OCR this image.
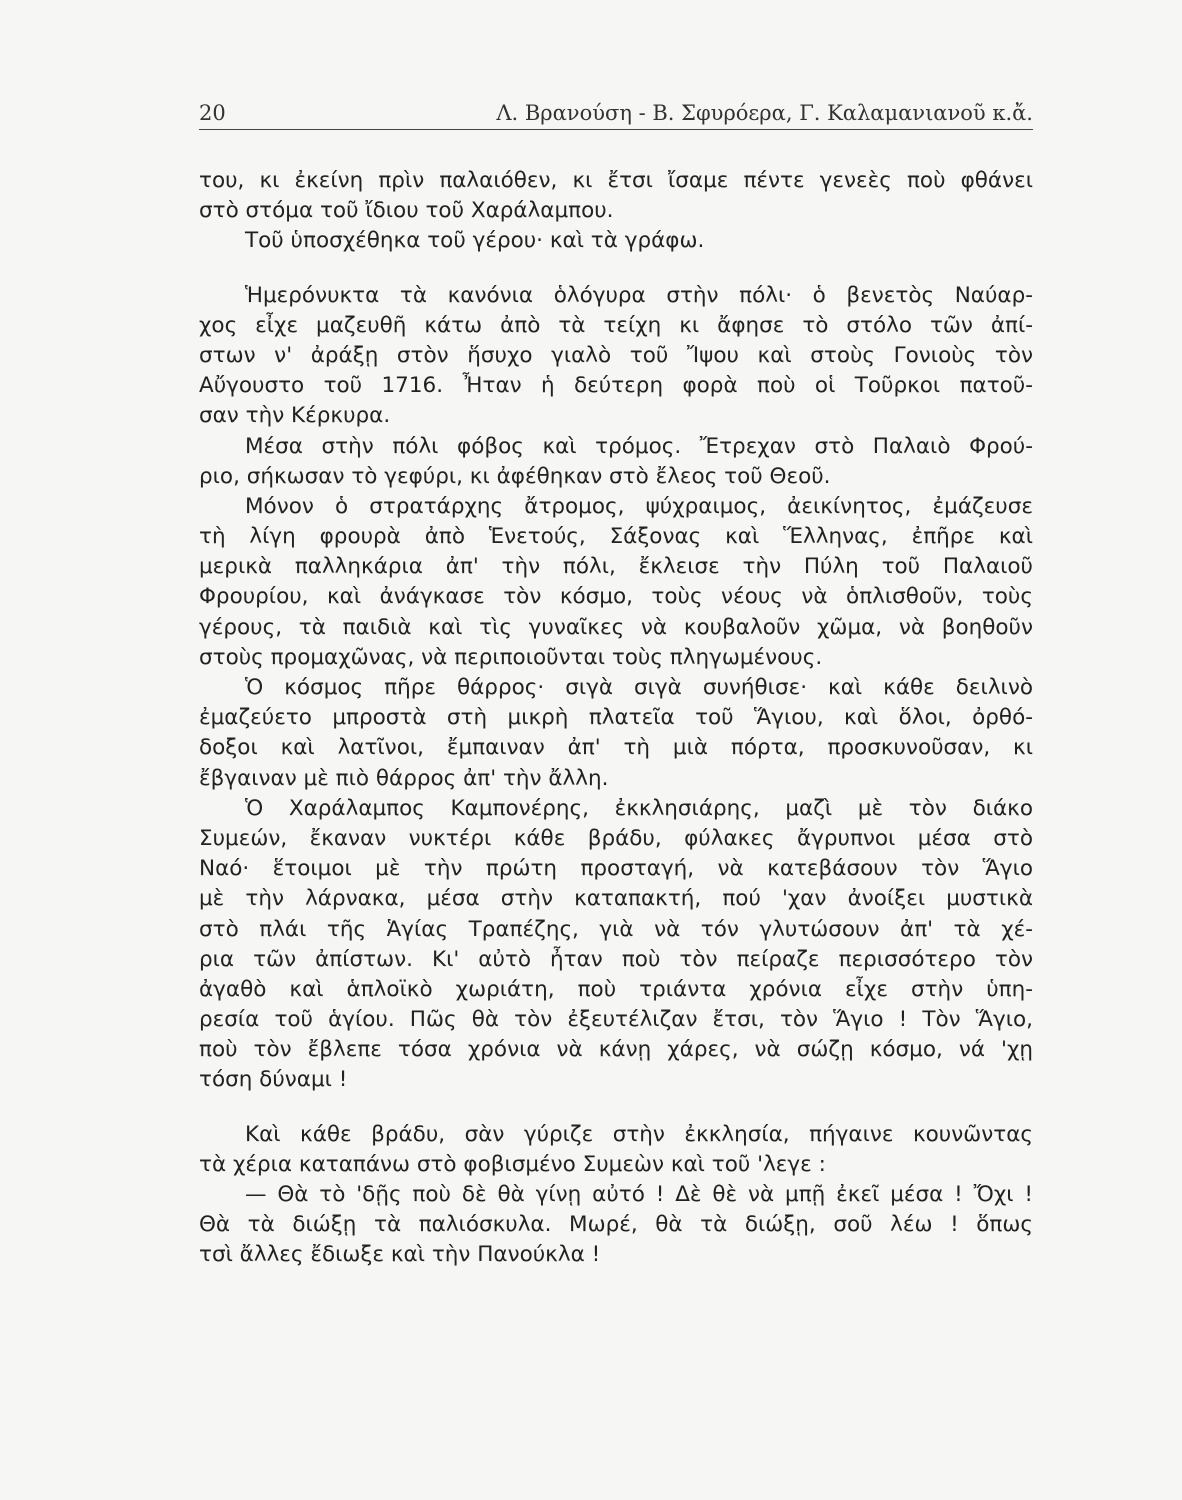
20	Λ. Βρανούση - Β. Σφυρόερα, Γ. Καλαμανιανοῦ κ.ἄ.
του, κι ἐκείνη πρὶν παλαιόθεν, κι ἔτσι ἴσαμε πέντε γενεὲς ποὺ φθάνει
στὸ στόμα τοῦ ἴδιου τοῦ Χαράλαμπου.
Τοῦ ὑποσχέθηκα τοῦ γέρου· καὶ τὰ γράφω.
Ἡμερόνυκτα τὰ κανόνια ὁλόγυρα στὴν πόλι· ὁ βενετὸς Ναύαρ-
χος εἶχε μαζευθῆ κάτω ἀπὸ τὰ τείχη κι ἄφησε τὸ στόλο τῶν ἀπί-
στων ν' ἀράξῃ στὸν ἥσυχο γιαλὸ τοῦ Ἴψου καὶ στοὺς Γονιοὺς τὸν
Αὔγουστο τοῦ 1716. Ἦταν ἡ δεύτερη φορὰ ποὺ οἱ Τοῦρκοι πατοῦ-
σαν τὴν Κέρκυρα.
Μέσα στὴν πόλι φόβος καὶ τρόμος. Ἔτρεχαν στὸ Παλαιὸ Φρού-
ριο, σήκωσαν τὸ γεφύρι, κι ἀφέθηκαν στὸ ἔλεος τοῦ Θεοῦ.
Μόνον ὁ στρατάρχης ἄτρομος, ψύχραιμος, ἀεικίνητος, ἐμάζευσε
τὴ λίγη φρουρὰ ἀπὸ Ἑνετούς, Σάξονας καὶ Ἕλληνας, ἐπῆρε καὶ
μερικὰ παλληκάρια ἀπ' τὴν πόλι, ἔκλεισε τὴν Πύλη τοῦ Παλαιοῦ
Φρουρίου, καὶ ἀνάγκασε τὸν κόσμο, τοὺς νέους νὰ ὁπλισθοῦν, τοὺς
γέρους, τὰ παιδιὰ καὶ τὶς γυναῖκες νὰ κουβαλοῦν χῶμα, νὰ βοηθοῦν
στοὺς προμαχῶνας, νὰ περιποιοῦνται τοὺς πληγωμένους.
Ὁ κόσμος πῆρε θάρρος· σιγὰ σιγὰ συνήθισε· καὶ κάθε δειλινὸ
ἐμαζεύετο μπροστὰ στὴ μικρὴ πλατεῖα τοῦ Ἅγιου, καὶ ὅλοι, ὀρθό-
δοξοι καὶ λατῖνοι, ἔμπαιναν ἀπ' τὴ μιὰ πόρτα, προσκυνοῦσαν, κι
ἔβγαιναν μὲ πιὸ θάρρος ἀπ' τὴν ἄλλη.
Ὁ Χαράλαμπος Καμπονέρης, ἐκκλησιάρης, μαζὶ μὲ τὸν διάκο
Συμεών, ἔκαναν νυκτέρι κάθε βράδυ, φύλακες ἄγρυπνοι μέσα στὸ
Ναό· ἕτοιμοι μὲ τὴν πρώτη προσταγή, νὰ κατεβάσουν τὸν Ἅγιο
μὲ τὴν λάρνακα, μέσα στὴν καταπακτή, πού 'χαν ἀνοίξει μυστικὰ
στὸ πλάι τῆς Ἁγίας Τραπέζης, γιὰ νὰ τόν γλυτώσουν ἀπ' τὰ χέ-
ρια τῶν ἀπίστων. Κι' αὐτὸ ἦταν ποὺ τὸν πείραζε περισσότερο τὸν
ἀγαθὸ καὶ ἁπλοϊκὸ χωριάτη, ποὺ τριάντα χρόνια εἶχε στὴν ὑπη-
ρεσία τοῦ ἁγίου. Πῶς θὰ τὸν ἐξευτέλιζαν ἔτσι, τὸν Ἅγιο ! Τὸν Ἅγιο,
ποὺ τὸν ἔβλεπε τόσα χρόνια νὰ κάνῃ χάρες, νὰ σώζῃ κόσμο, νά 'χῃ
τόση δύναμι !
Καὶ κάθε βράδυ, σὰν γύριζε στὴν ἐκκλησία, πήγαινε κουνῶντας
τὰ χέρια καταπάνω στὸ φοβισμένο Συμεὼν καὶ τοῦ 'λεγε :
— Θὰ τὸ 'δῇς ποὺ δὲ θὰ γίνῃ αὐτό ! Δὲ θὲ νὰ μπῇ ἐκεῖ μέσα ! Ὄχι !
Θὰ τὰ διώξῃ τὰ παλιόσκυλα. Μωρέ, θὰ τὰ διώξῃ, σοῦ λέω ! ὅπως
τσὶ ἄλλες ἔδιωξε καὶ τὴν Πανούκλα !
